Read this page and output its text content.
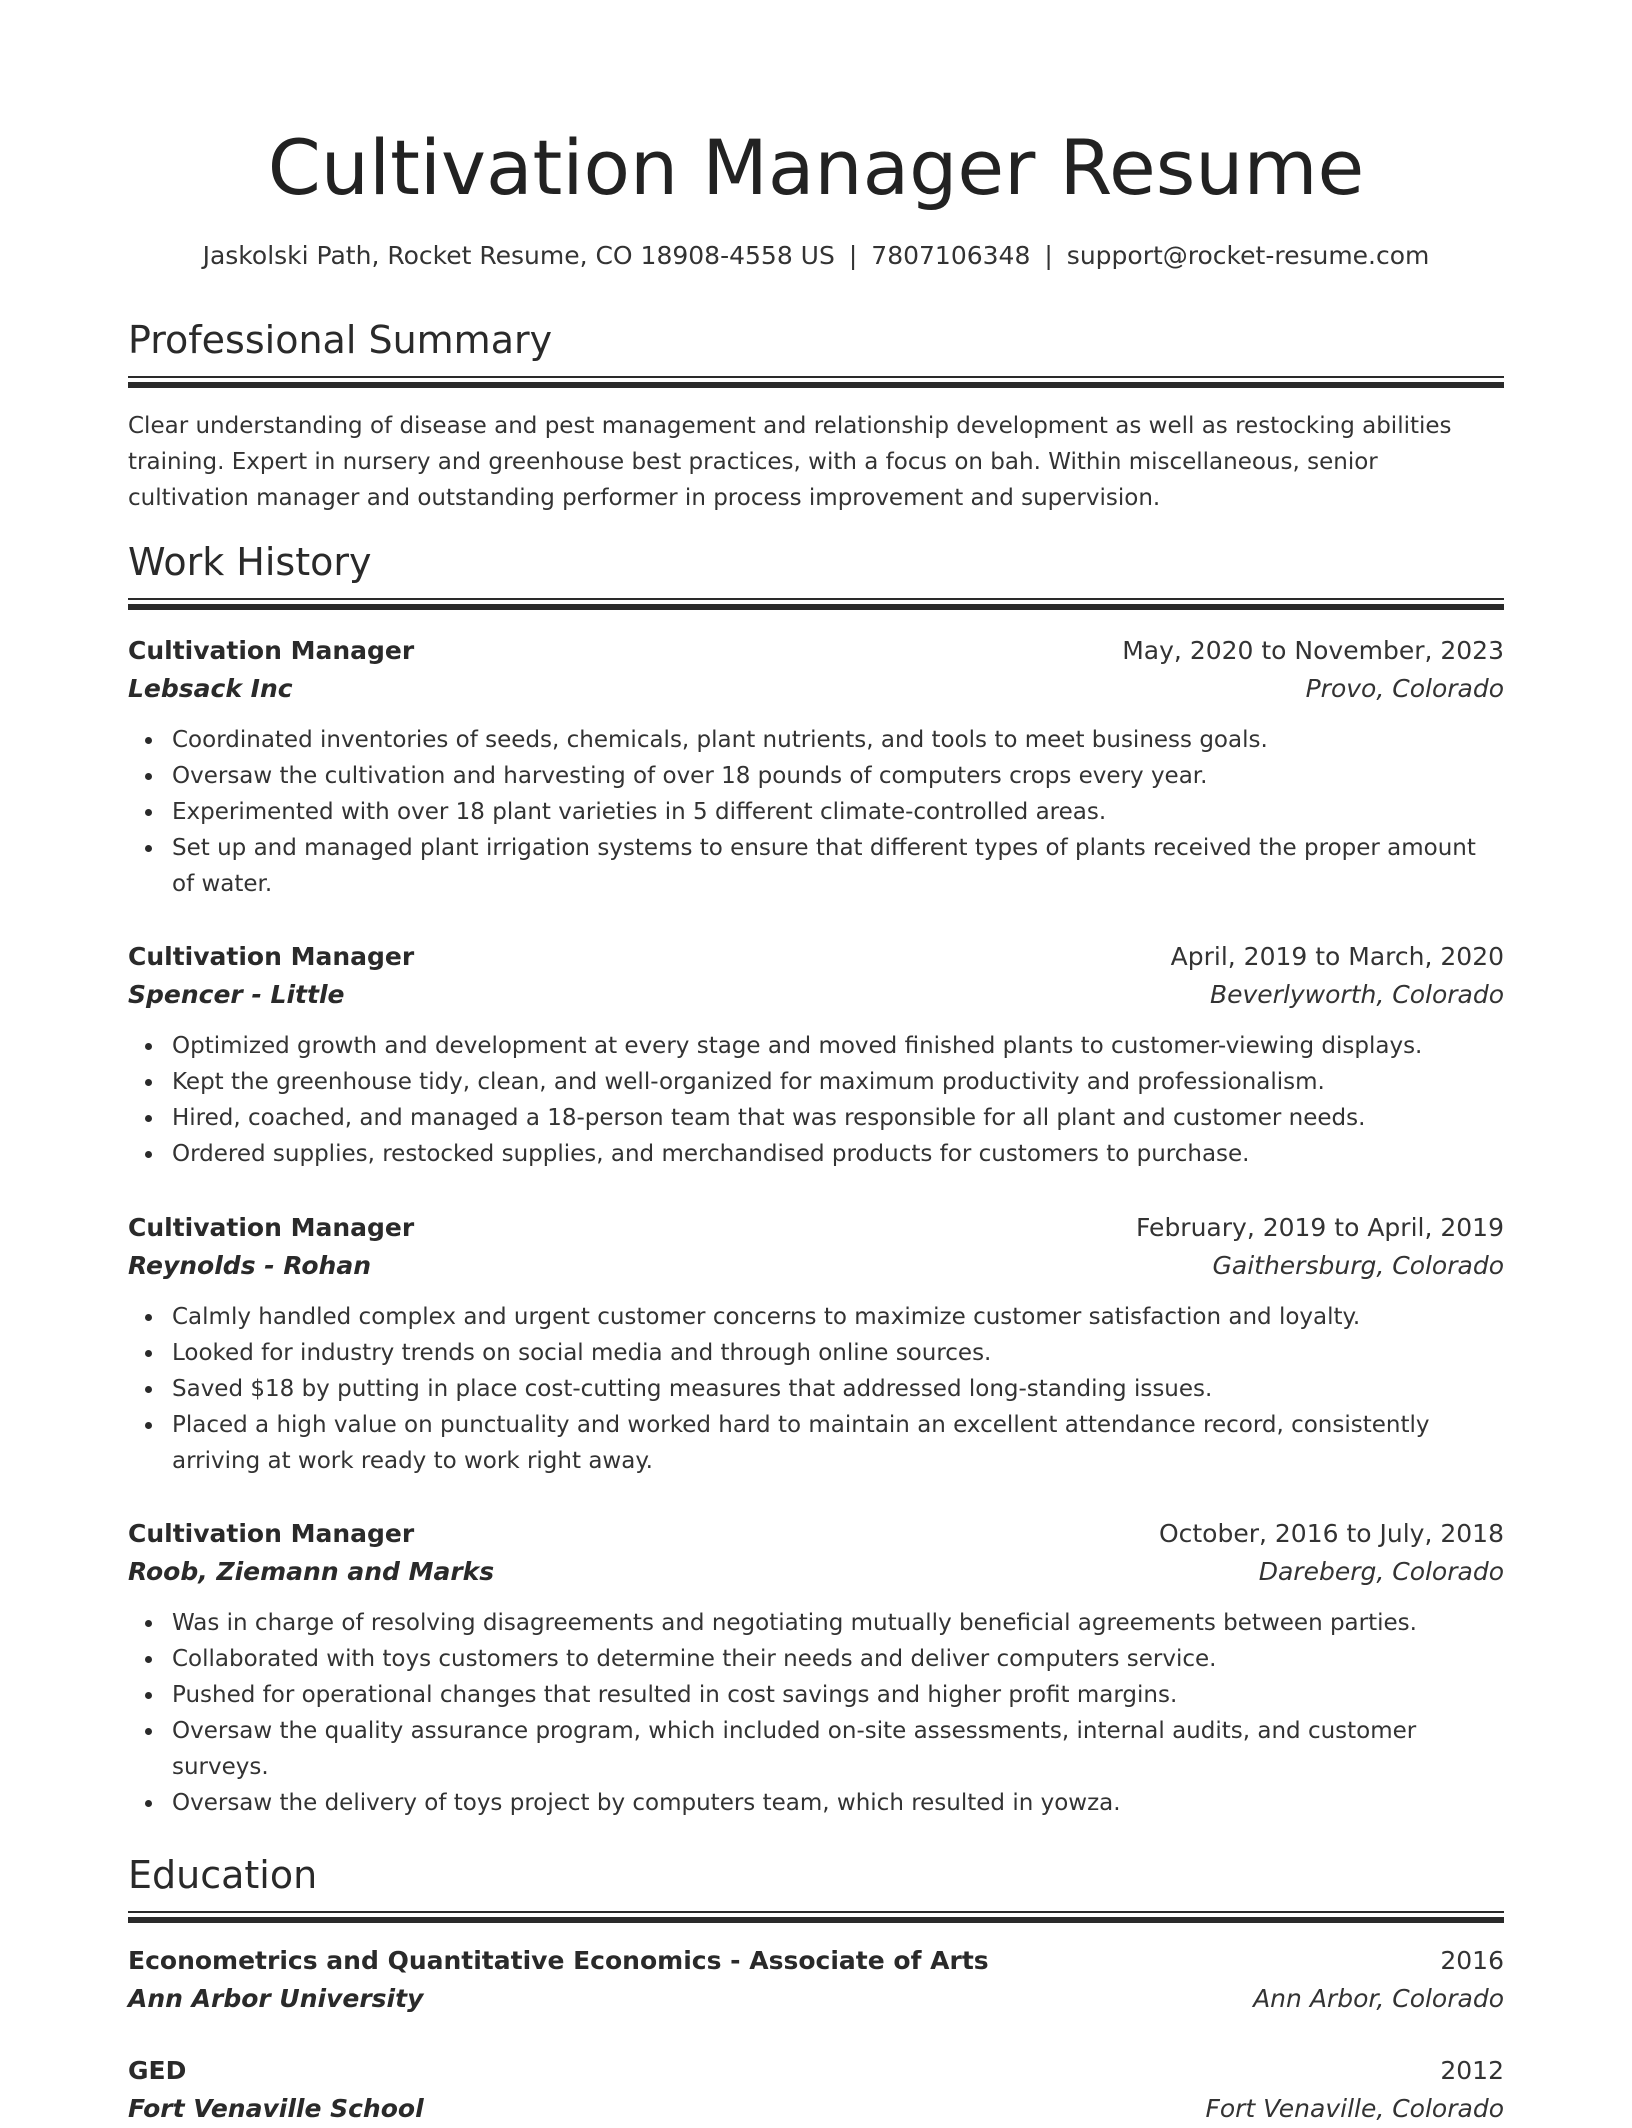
Cultivation Manager Resume
Jaskolski Path, Rocket Resume, CO 18908-4558 US | 7807106348 | support@rocket-resume.com
Professional Summary
Clear understanding of disease and pest management and relationship development as well as restocking abilities training. Expert in nursery and greenhouse best practices, with a focus on bah. Within miscellaneous, senior cultivation manager and outstanding performer in process improvement and supervision.
Work History
Cultivation Manager	May, 2020 to November, 2023
Lebsack Inc	Provo, Colorado
Coordinated inventories of seeds, chemicals, plant nutrients, and tools to meet business goals.
Oversaw the cultivation and harvesting of over 18 pounds of computers crops every year.
Experimented with over 18 plant varieties in 5 different climate-controlled areas.
Set up and managed plant irrigation systems to ensure that different types of plants received the proper amount of water.
Cultivation Manager	April, 2019 to March, 2020
Spencer - Little	Beverlyworth, Colorado
Optimized growth and development at every stage and moved finished plants to customer-viewing displays.
Kept the greenhouse tidy, clean, and well-organized for maximum productivity and professionalism.
Hired, coached, and managed a 18-person team that was responsible for all plant and customer needs.
Ordered supplies, restocked supplies, and merchandised products for customers to purchase.
Cultivation Manager	February, 2019 to April, 2019
Reynolds - Rohan	Gaithersburg, Colorado
Calmly handled complex and urgent customer concerns to maximize customer satisfaction and loyalty.
Looked for industry trends on social media and through online sources.
Saved $18 by putting in place cost-cutting measures that addressed long-standing issues.
Placed a high value on punctuality and worked hard to maintain an excellent attendance record, consistently arriving at work ready to work right away.
Cultivation Manager	October, 2016 to July, 2018
Roob, Ziemann and Marks	Dareberg, Colorado
Was in charge of resolving disagreements and negotiating mutually beneficial agreements between parties.
Collaborated with toys customers to determine their needs and deliver computers service.
Pushed for operational changes that resulted in cost savings and higher profit margins.
Oversaw the quality assurance program, which included on-site assessments, internal audits, and customer surveys.
Oversaw the delivery of toys project by computers team, which resulted in yowza.
Education
Econometrics and Quantitative Economics - Associate of Arts	2016
Ann Arbor University	Ann Arbor, Colorado
GED	2012
Fort Venaville School	Fort Venaville, Colorado
